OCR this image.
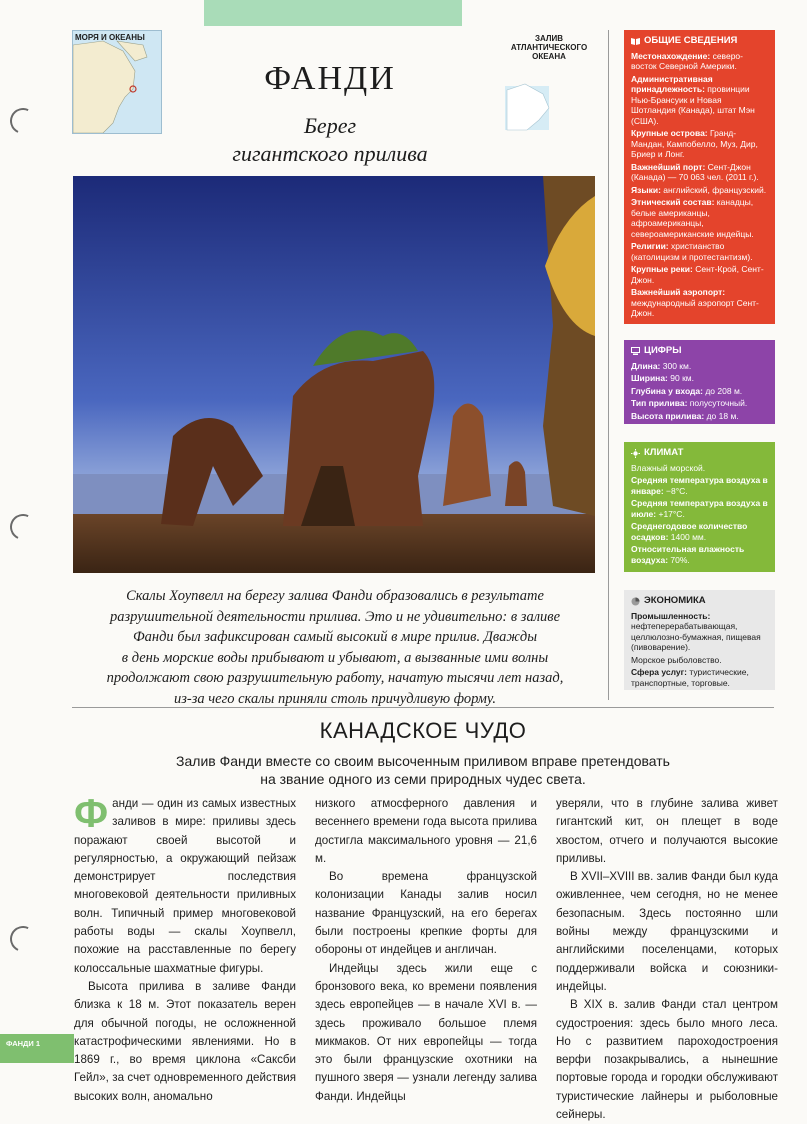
МОРЯ И ОКЕАНЫ
ФАНДИ
Берег
гигантского прилива
ЗАЛИВ
АТЛАНТИЧЕСКОГО
ОКЕАНА
Скалы Хоупвелл на берегу залива Фанди образовались в результате
разрушительной деятельности прилива. Это и не удивительно: в заливе
Фанди был зафиксирован самый высокий в мире прилив. Дважды
в день морские воды прибывают и убывают, а вызванные ими волны
продолжают свою разрушительную работу, начатую тысячи лет назад,
из-за чего скалы приняли столь причудливую форму.
ОБЩИЕ СВЕДЕНИЯ

Местонахождение: северо-восток Северной Америки.

Административная принадлежность: провинции Нью-Брансуик и Новая Шотландия (Канада), штат Мэн (США).

Крупные острова: Гранд-Мандан, Кампобелло, Муз, Дир, Бриер и Лонг.

Важнейший порт: Сент-Джон (Канада) — 70 063 чел. (2011 г.).

Языки: английский, французский.

Этнический состав: канадцы, белые американцы, афроамериканцы, североамериканские индейцы.

Религии: христианство (католицизм и протестантизм).

Крупные реки: Сент-Крой, Сент-Джон.

Важнейший аэропорт: международный аэропорт Сент-Джон.

ЦИФРЫ

Длина: 300 км.

Ширина: 90 км.

Глубина у входа: до 208 м.

Тип прилива: полусуточный.

Высота прилива: до 18 м.

КЛИМАТ

Влажный морской.

Средняя температура воздуха в январе: −8°С.

Средняя температура воздуха в июле: +17°С.

Среднегодовое количество осадков: 1400 мм.

Относительная влажность воздуха: 70%.

ЭКОНОМИКА

Промышленность: нефтеперерабатывающая, целлюлозно-бумажная, пищевая (пивоварение).

Морское рыболовство.

Сфера услуг: туристические, транспортные, торговые.

КАНАДСКОЕ ЧУДО
Залив Фанди вместе со своим высоченным приливом вправе претендовать
на звание одного из семи природных чудес света.

Фанди — один из самых известных заливов в мире: приливы здесь поражают своей высотой и регулярностью, а окружающий пейзаж демонстрирует последствия многовековой деятельности приливных волн. Типичный пример многовековой работы воды — скалы Хоупвелл, похожие на расставленные по берегу колоссальные шахматные фигуры.

Высота прилива в заливе Фанди близка к 18 м. Этот показатель верен для обычной погоды, не осложненной катастрофическими явлениями. Но в 1869 г., во время циклона «Сакcби Гейл», за счет одновременного действия высоких волн, аномально

низкого атмосферного давления и весеннего времени года высота прилива достигла максимального уровня — 21,6 м.

Во времена французской колонизации Канады залив носил название Французский, на его берегах были построены крепкие форты для обороны от индейцев и англичан.

Индейцы здесь жили еще с бронзового века, ко времени появления здесь европейцев — в начале XVI в. — здесь проживало большое племя микмаков. От них европейцы — тогда это были французские охотники на пушного зверя — узнали легенду залива Фанди. Индейцы

уверяли, что в глубине залива живет гигантский кит, он плещет в воде хвостом, отчего и получаются высокие приливы.

В XVII–XVIII вв. залив Фанди был куда оживленнее, чем сегодня, но не менее безопасным. Здесь постоянно шли войны между французскими и английскими поселенцами, которых поддерживали войска и союзники-индейцы.

В XIX в. залив Фанди стал центром судостроения: здесь было много леса. Но с развитием пароходостроения верфи позакрывались, а нынешние портовые города и городки обслуживают туристические лайнеры и рыболовные сейнеры.

ФАНДИ 1
